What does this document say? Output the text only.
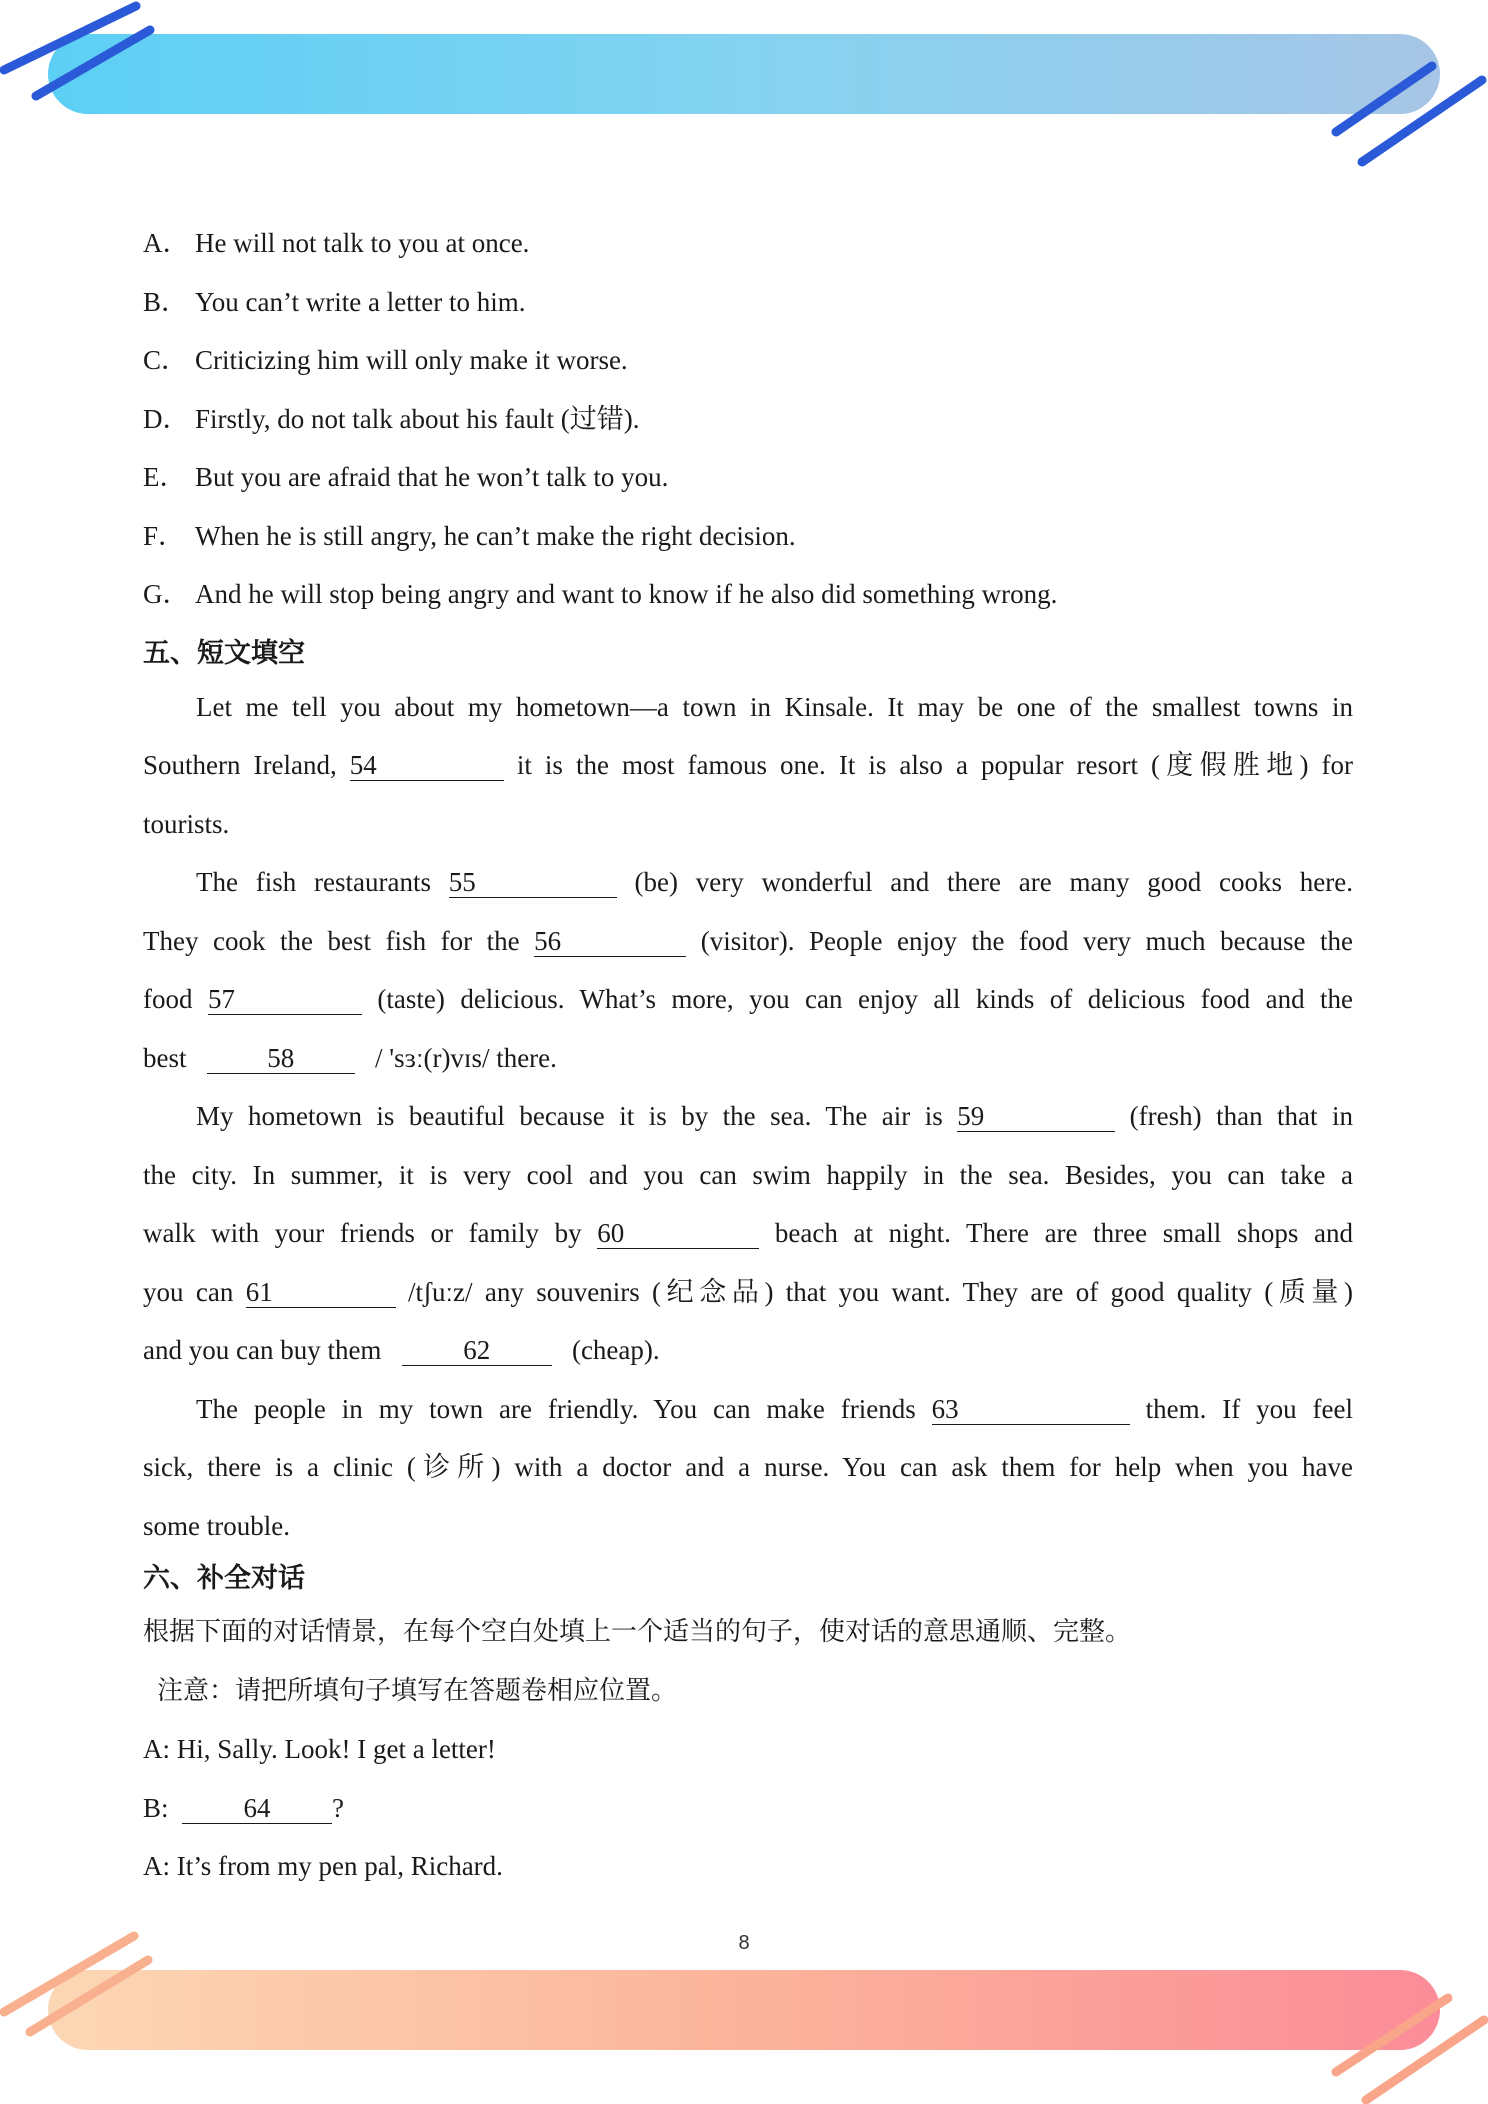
8
A． He will not talk to you at once.
B． You can’t write a letter to him.
C． Criticizing him will only make it worse.
D． Firstly, do not talk about his fault (过错).
E． But you are afraid that he won’t talk to you.
F． When he is still angry, he can’t make the right decision.
G． And he will stop being angry and want to know if he also did something wrong.
五、短文填空
Let me tell you about my hometown—a town in Kinsale. It may be one of the smallest towns in
Southern Ireland, 54	it is the most famous one. It is also a popular resort (度假胜地) for
tourists.
The fish restaurants 55	(be) very wonderful and there are many good cooks here.
They cook the best fish for the 56	(visitor). People enjoy the food very much because the
food 57	(taste) delicious. What’s more, you can enjoy all kinds of delicious food and the
best	58	/ 'sɜː(r)vɪs/ there.
My hometown is beautiful because it is by the sea. The air is 59	(fresh) than that in
the city. In summer, it is very cool and you can swim happily in the sea. Besides, you can take a
walk with your friends or family by 60	beach at night. There are three small shops and
you can 61	/tʃuːz/ any souvenirs (纪念品) that you want. They are of good quality (质量)
and you can buy them	62	(cheap).
The people in my town are friendly. You can make friends 63	them. If you feel
sick, there is a clinic (诊所) with a doctor and a nurse. You can ask them for help when you have
some trouble.
六、补全对话
根据下面的对话情景，在每个空白处填上一个适当的句子，使对话的意思通顺、完整。
注意：请把所填句子填写在答题卷相应位置。
A: Hi, Sally. Look! I get a letter!
B:	64 ?
A: It’s from my pen pal, Richard.
